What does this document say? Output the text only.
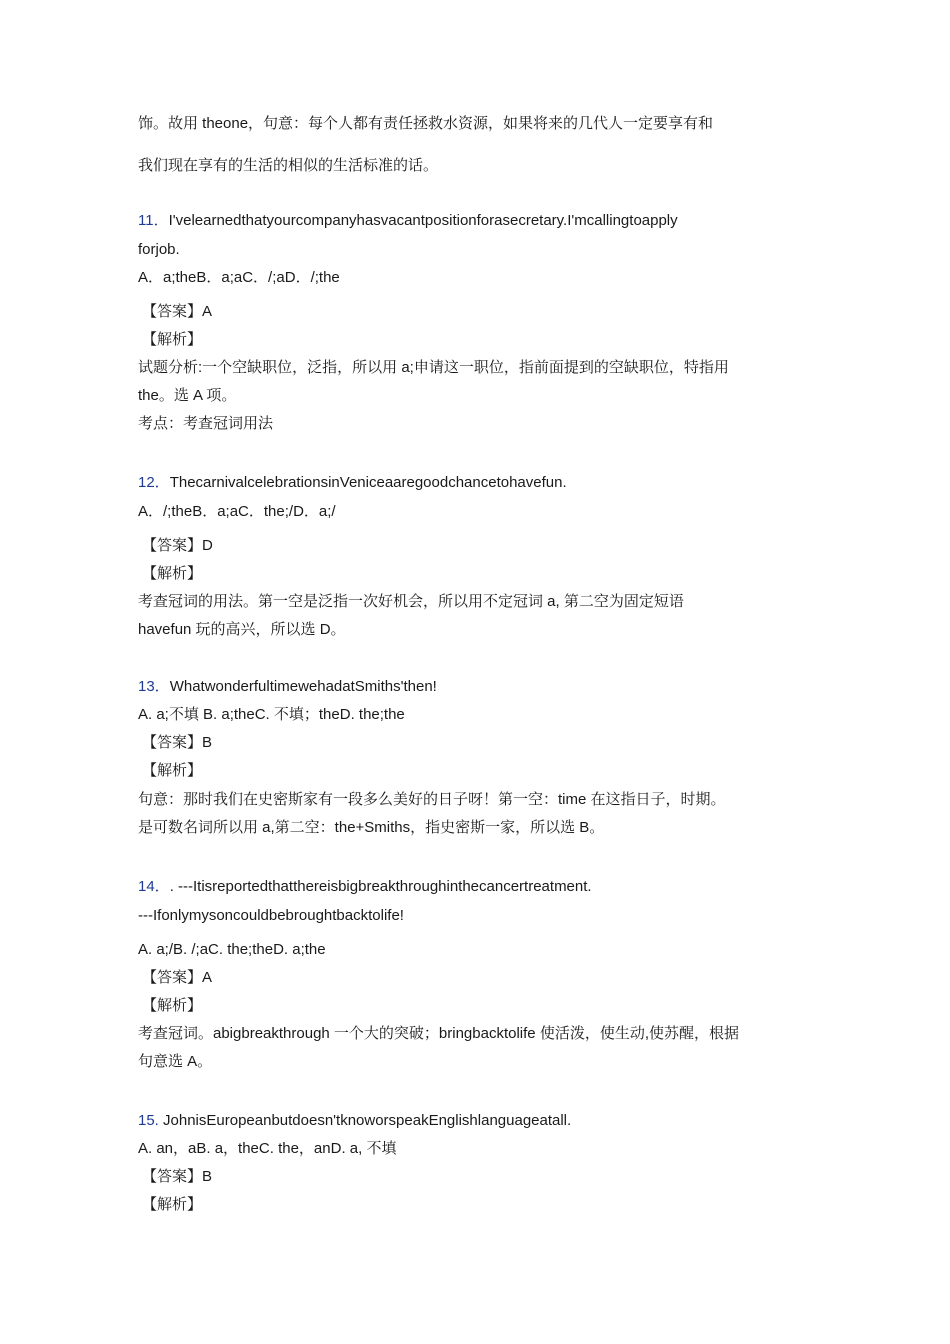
饰。故用 theone，句意：每个人都有责任拯救水资源，如果将来的几代人一定要享有和
我们现在享有的生活的相似的生活标准的话。
11．I'velearnedthatyourcompanyhasvacantpositionforasecretary.I'mcallingtoapply
forjob.
A．a;theB．a;aC．/;aD．/;the
【答案】A
【解析】
试题分析:一个空缺职位，泛指，所以用 a;申请这一职位，指前面提到的空缺职位，特指用
the。选 A 项。
考点：考查冠词用法
12．ThecarnivalcelebrationsinVeniceaaregoodchancetohavefun.
A．/;theB．a;aC．the;/D．a;/
【答案】D
【解析】
考查冠词的用法。第一空是泛指一次好机会，所以用不定冠词 a, 第二空为固定短语
havefun 玩的高兴，所以选 D。
13．WhatwonderfultimewehadatSmiths'then!
A. a;不填 B. a;theC. 不填；theD. the;the
【答案】B
【解析】
句意：那时我们在史密斯家有一段多么美好的日子呀！第一空：time 在这指日子，时期。
是可数名词所以用 a,第二空：the+Smiths，指史密斯一家，所以选 B。
14．. ---Itisreportedthatthereisbigbreakthroughinthecancertreatment.
---Ifonlymysoncouldbebroughtbacktolife!
A. a;/B. /;aC. the;theD. a;the
【答案】A
【解析】
考查冠词。abigbreakthrough 一个大的突破；bringbacktolife 使活泼，使生动,使苏醒，根据
句意选 A。
15. JohnisEuropeanbutdoesn'tknoworspeakEnglishlanguageatall.
A. an，aB. a，theC. the，anD. a, 不填
【答案】B
【解析】
